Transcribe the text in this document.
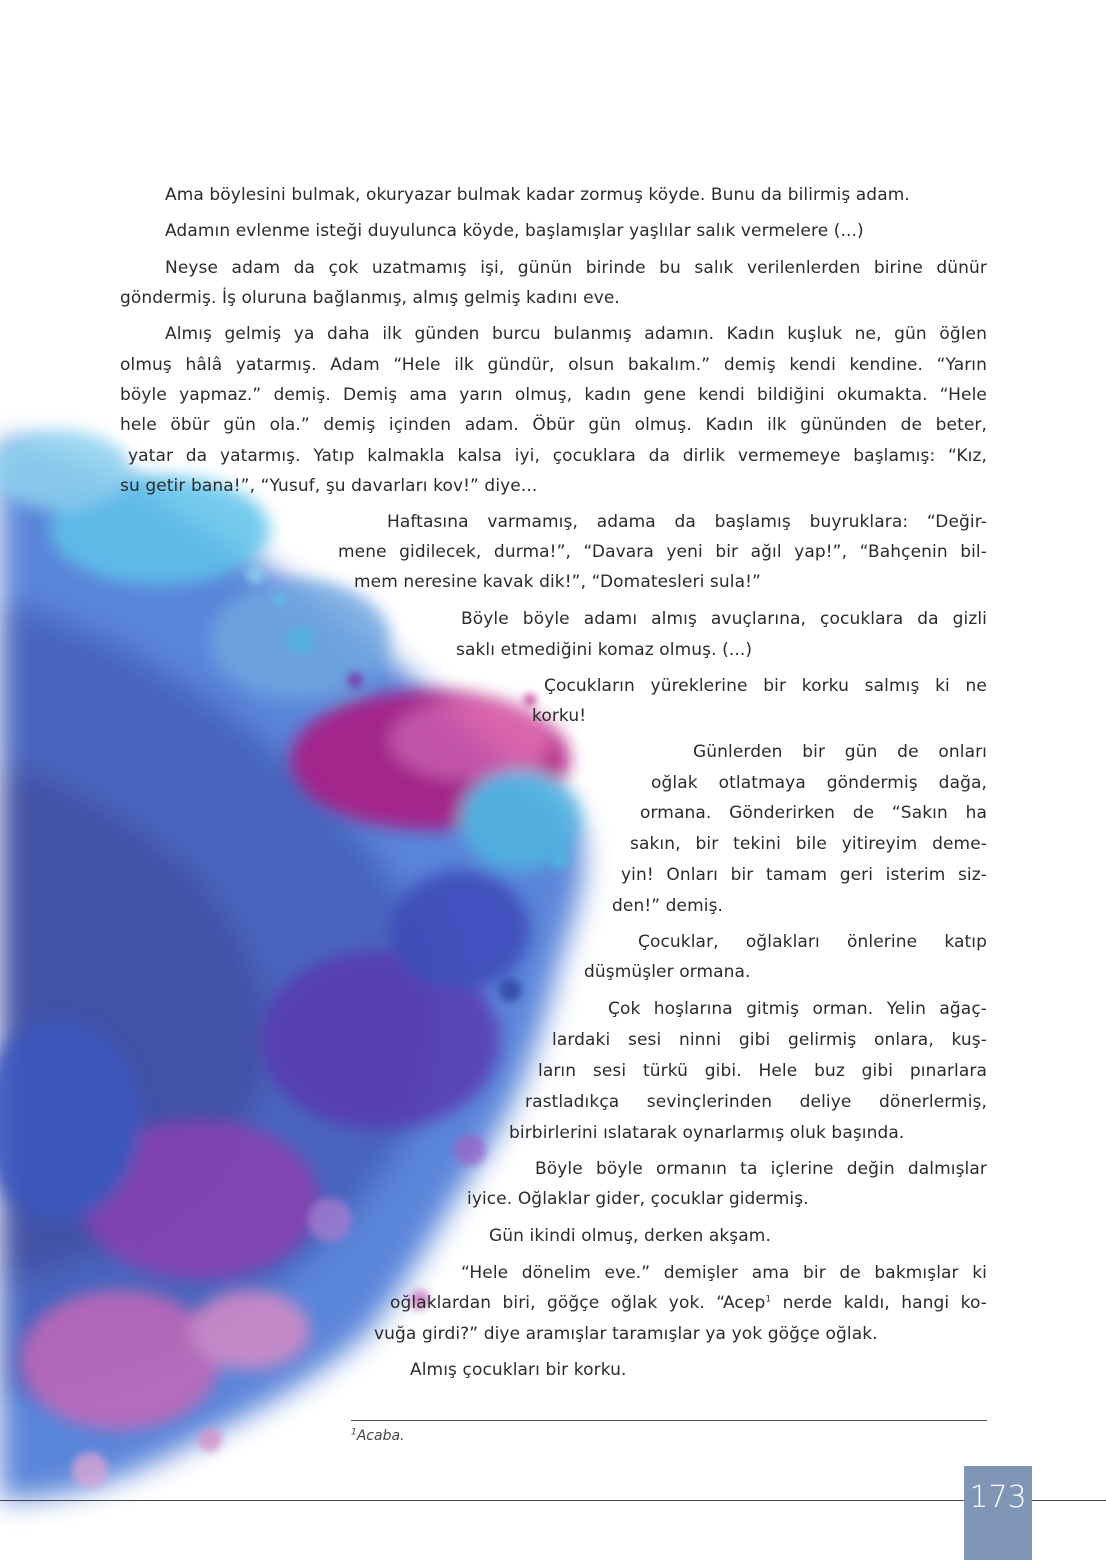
Ama böylesini bulmak, okuryazar bulmak kadar zormuş köyde. Bunu da bilirmiş adam.
Adamın evlenme isteği duyulunca köyde, başlamışlar yaşlılar salık vermelere (...)
Neyse adam da çok uzatmamış işi, günün birinde bu salık verilenlerden birine dünür
göndermiş. İş oluruna bağlanmış, almış gelmiş kadını eve.
Almış gelmiş ya daha ilk günden burcu bulanmış adamın. Kadın kuşluk ne, gün öğlen
olmuş hâlâ yatarmış. Adam “Hele ilk gündür, olsun bakalım.” demiş kendi kendine. “Yarın
böyle yapmaz.” demiş. Demiş ama yarın olmuş, kadın gene kendi bildiğini okumakta. “Hele
hele öbür gün ola.” demiş içinden adam. Öbür gün olmuş. Kadın ilk gününden de beter,
yatar da yatarmış. Yatıp kalmakla kalsa iyi, çocuklara da dirlik vermemeye başlamış: “Kız,
su getir bana!”, “Yusuf, şu davarları kov!” diye...
Haftasına varmamış, adama da başlamış buyruklara: “Değir-
mene gidilecek, durma!”, “Davara yeni bir ağıl yap!”, “Bahçenin bil-
mem neresine kavak dik!”, “Domatesleri sula!”
Böyle böyle adamı almış avuçlarına, çocuklara da gizli
saklı etmediğini komaz olmuş. (...)
Çocukların yüreklerine bir korku salmış ki ne
korku!
Günlerden bir gün de onları
oğlak otlatmaya göndermiş dağa,
ormana. Gönderirken de “Sakın ha
sakın, bir tekini bile yitireyim deme-
yin! Onları bir tamam geri isterim siz-
den!” demiş.
Çocuklar, oğlakları önlerine katıp
düşmüşler ormana.
Çok hoşlarına gitmiş orman. Yelin ağaç-
lardaki sesi ninni gibi gelirmiş onlara, kuş-
ların sesi türkü gibi. Hele buz gibi pınarlara
rastladıkça sevinçlerinden deliye dönerlermiş,
birbirlerini ıslatarak oynarlarmış oluk başında.
Böyle böyle ormanın ta içlerine değin dalmışlar
iyice. Oğlaklar gider, çocuklar gidermiş.
Gün ikindi olmuş, derken akşam.
“Hele dönelim eve.” demişler ama bir de bakmışlar ki
oğlaklardan biri, göğçe oğlak yok. “Acep$^1$ nerde kaldı, hangi ko-
vuğa girdi?” diye aramışlar taramışlar ya yok göğçe oğlak.
Almış çocukları bir korku.
$^1$Acaba.
173
